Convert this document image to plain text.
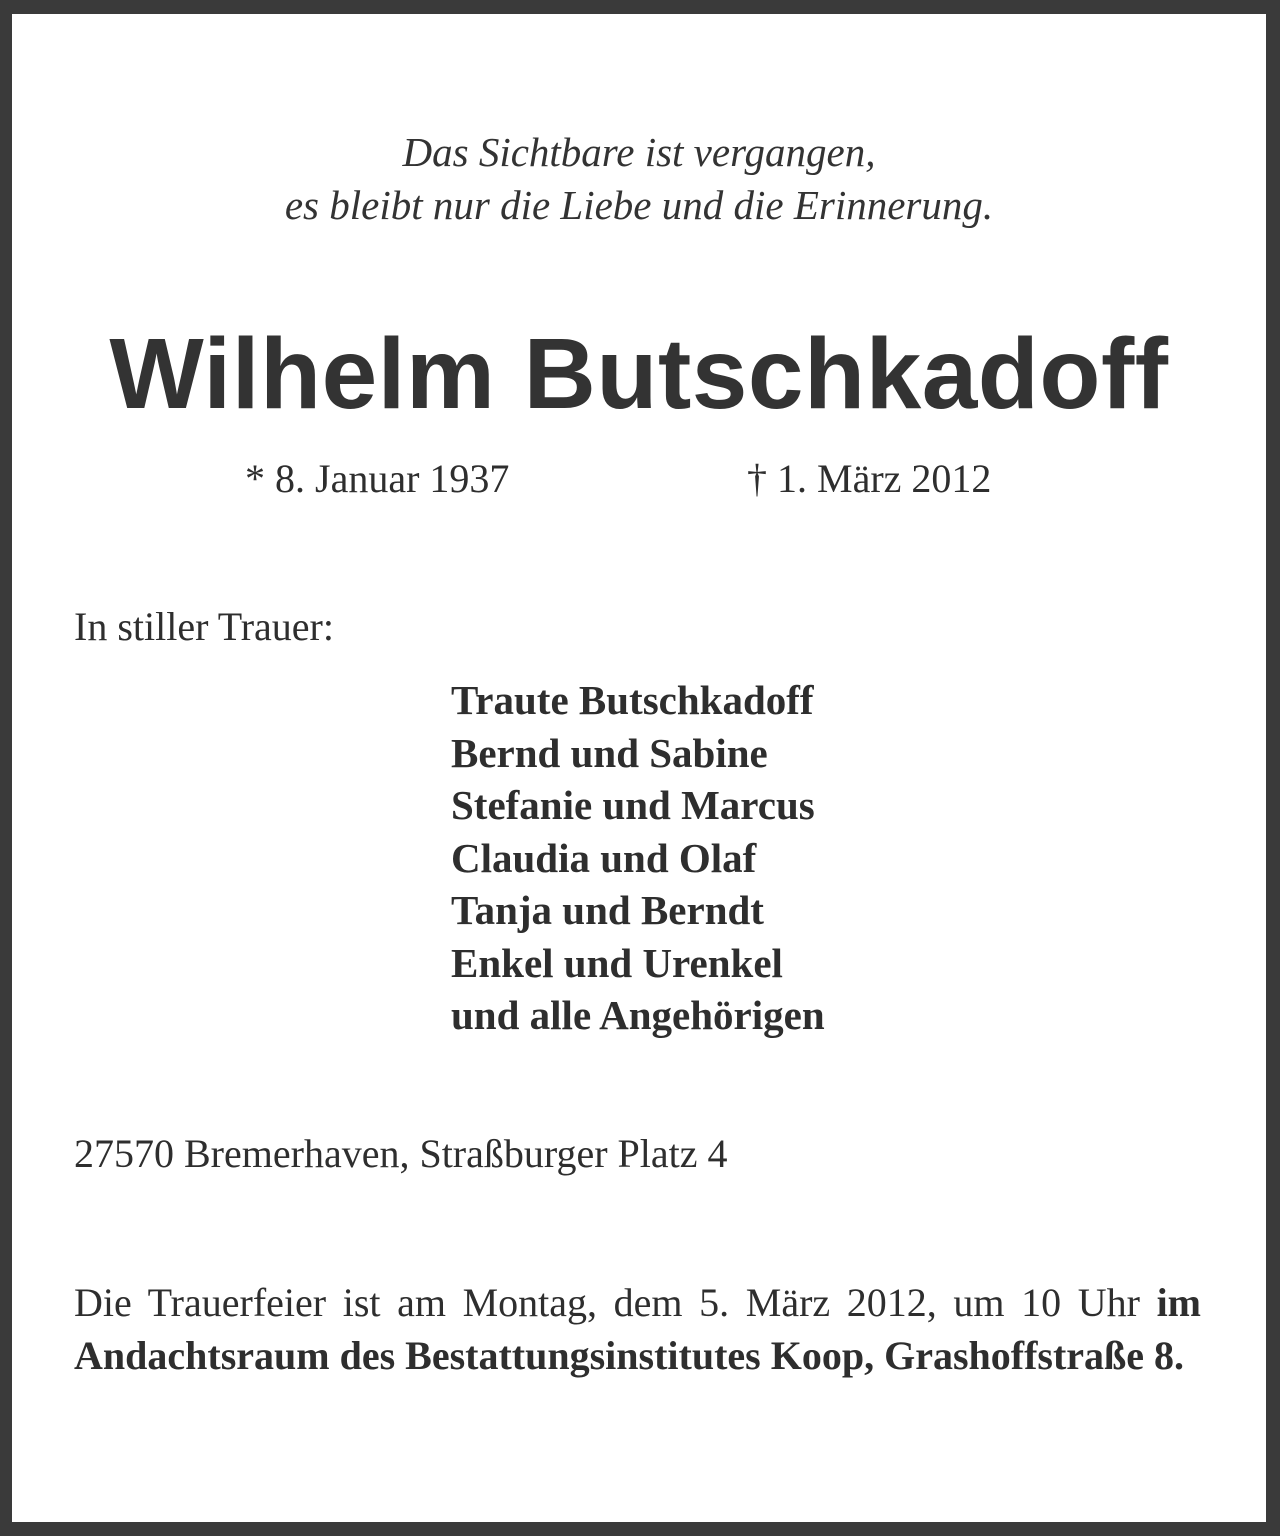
Das Sichtbare ist vergangen,
es bleibt nur die Liebe und die Erinnerung.
Wilhelm Butschkadoff
* 8. Januar 1937	† 1. März 2012
In stiller Trauer:
Traute Butschkadoff
Bernd und Sabine
Stefanie und Marcus
Claudia und Olaf
Tanja und Berndt
Enkel und Urenkel
und alle Angehörigen
27570 Bremerhaven, Straßburger Platz 4
Die Trauerfeier ist am Montag, dem 5. März 2012, um 10 Uhr im Andachtsraum des Bestattungsinstitutes Koop, Grashoffstraße 8.
